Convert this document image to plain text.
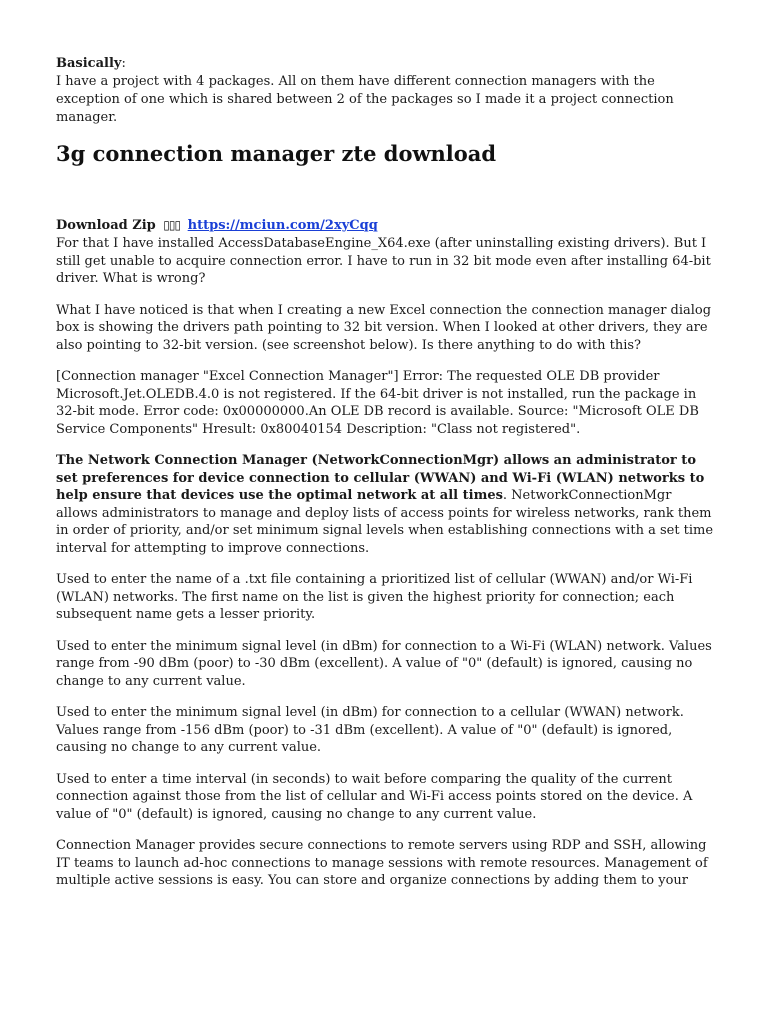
Basically:
I have a project with 4 packages. All on them have different connection managers with the exception of one which is shared between 2 of the packages so I made it a project connection manager.

3g connection manager zte download
Download Zip ▯▯▯ https://mciun.com/2xyCqq

For that I have installed AccessDatabaseEngine_X64.exe (after uninstalling existing drivers). But I still get unable to acquire connection error. I have to run in 32 bit mode even after installing 64-bit driver. What is wrong?

What I have noticed is that when I creating a new Excel connection the connection manager dialog box is showing the drivers path pointing to 32 bit version. When I looked at other drivers, they are also pointing to 32-bit version. (see screenshot below). Is there anything to do with this?

[Connection manager "Excel Connection Manager"] Error: The requested OLE DB provider Microsoft.Jet.OLEDB.4.0 is not registered. If the 64-bit driver is not installed, run the package in 32-bit mode. Error code: 0x00000000.An OLE DB record is available. Source: "Microsoft OLE DB Service Components" Hresult: 0x80040154 Description: "Class not registered".

The Network Connection Manager (NetworkConnectionMgr) allows an administrator to set preferences for device connection to cellular (WWAN) and Wi-Fi (WLAN) networks to help ensure that devices use the optimal network at all times. NetworkConnectionMgr allows administrators to manage and deploy lists of access points for wireless networks, rank them in order of priority, and/or set minimum signal levels when establishing connections with a set time interval for attempting to improve connections.

Used to enter the name of a .txt file containing a prioritized list of cellular (WWAN) and/or Wi-Fi (WLAN) networks. The first name on the list is given the highest priority for connection; each subsequent name gets a lesser priority.

Used to enter the minimum signal level (in dBm) for connection to a Wi-Fi (WLAN) network. Values range from -90 dBm (poor) to -30 dBm (excellent). A value of "0" (default) is ignored, causing no change to any current value.

Used to enter the minimum signal level (in dBm) for connection to a cellular (WWAN) network. Values range from -156 dBm (poor) to -31 dBm (excellent). A value of "0" (default) is ignored, causing no change to any current value.

Used to enter a time interval (in seconds) to wait before comparing the quality of the current connection against those from the list of cellular and Wi-Fi access points stored on the device. A value of "0" (default) is ignored, causing no change to any current value.

Connection Manager provides secure connections to remote servers using RDP and SSH, allowing IT teams to launch ad-hoc connections to manage sessions with remote resources. Management of multiple active sessions is easy. You can store and organize connections by adding them to your
